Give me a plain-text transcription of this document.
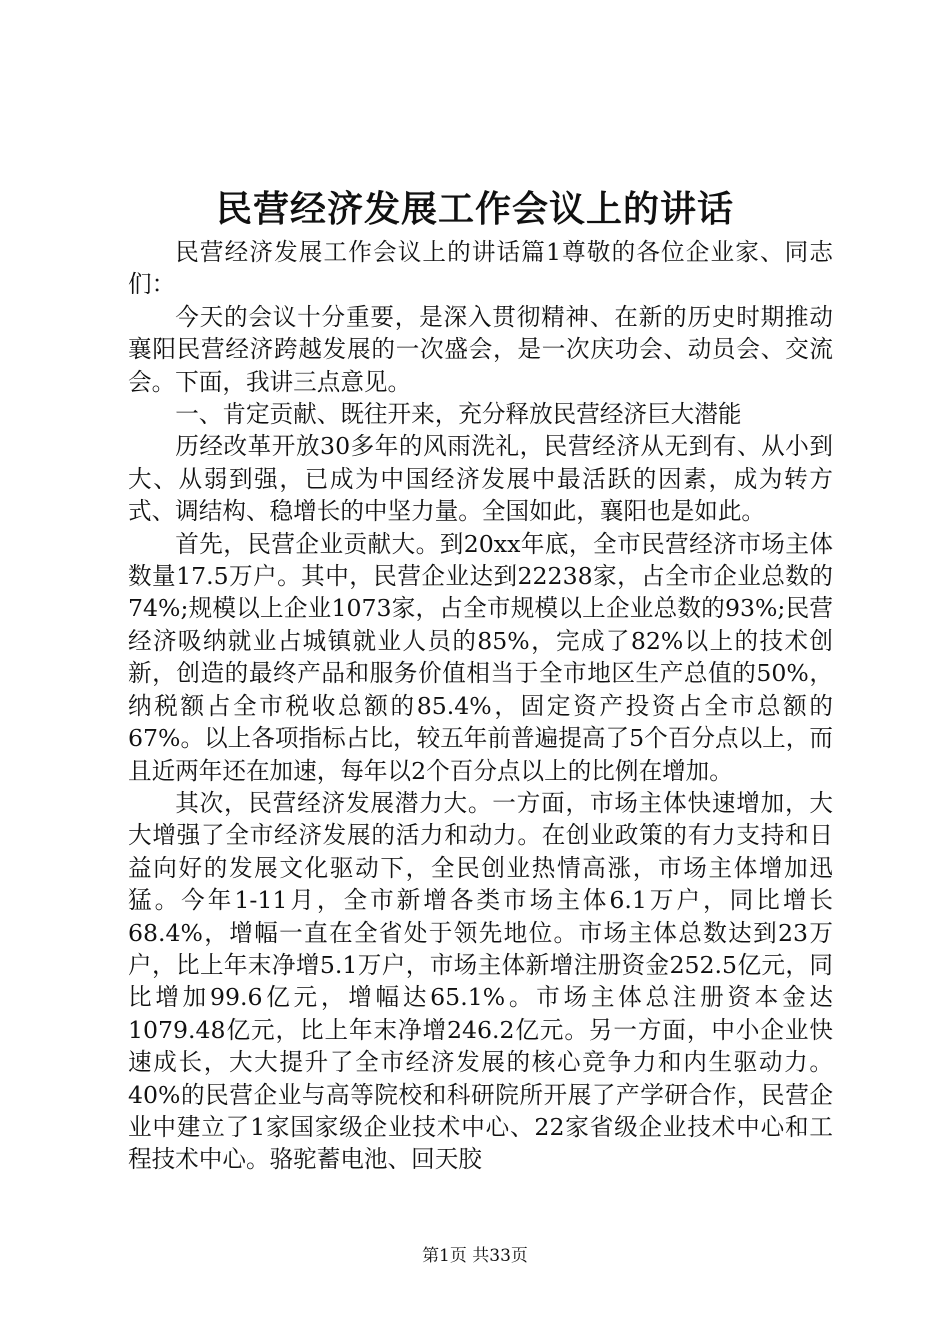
民营经济发展工作会议上的讲话

民营经济发展工作会议上的讲话篇1尊敬的各位企业家、同志们：

今天的会议十分重要，是深入贯彻精神、在新的历史时期推动襄阳民营经济跨越发展的一次盛会，是一次庆功会、动员会、交流会。下面，我讲三点意见。

一、肯定贡献、既往开来，充分释放民营经济巨大潜能

历经改革开放30多年的风雨洗礼，民营经济从无到有、从小到大、从弱到强，已成为中国经济发展中最活跃的因素，成为转方式、调结构、稳增长的中坚力量。全国如此，襄阳也是如此。

首先，民营企业贡献大。到20xx年底，全市民营经济市场主体数量17.5万户。其中，民营企业达到22238家，占全市企业总数的74%;规模以上企业1073家，占全市规模以上企业总数的93%;民营经济吸纳就业占城镇就业人员的85%，完成了82%以上的技术创新，创造的最终产品和服务价值相当于全市地区生产总值的50%，纳税额占全市税收总额的85.4%，固定资产投资占全市总额的67%。以上各项指标占比，较五年前普遍提高了5个百分点以上，而且近两年还在加速，每年以2个百分点以上的比例在增加。

其次，民营经济发展潜力大。一方面，市场主体快速增加，大大增强了全市经济发展的活力和动力。在创业政策的有力支持和日益向好的发展文化驱动下，全民创业热情高涨，市场主体增加迅猛。今年1-11月，全市新增各类市场主体6.1万户，同比增长68.4%，增幅一直在全省处于领先地位。市场主体总数达到23万户，比上年末净增5.1万户，市场主体新增注册资金252.5亿元，同比增加99.6亿元，增幅达65.1%。市场主体总注册资本金达1079.48亿元，比上年末净增246.2亿元。另一方面，中小企业快速成长，大大提升了全市经济发展的核心竞争力和内生驱动力。40%的民营企业与高等院校和科研院所开展了产学研合作，民营企业中建立了1家国家级企业技术中心、22家省级企业技术中心和工程技术中心。骆驼蓄电池、回天胶

第1页 共33页
